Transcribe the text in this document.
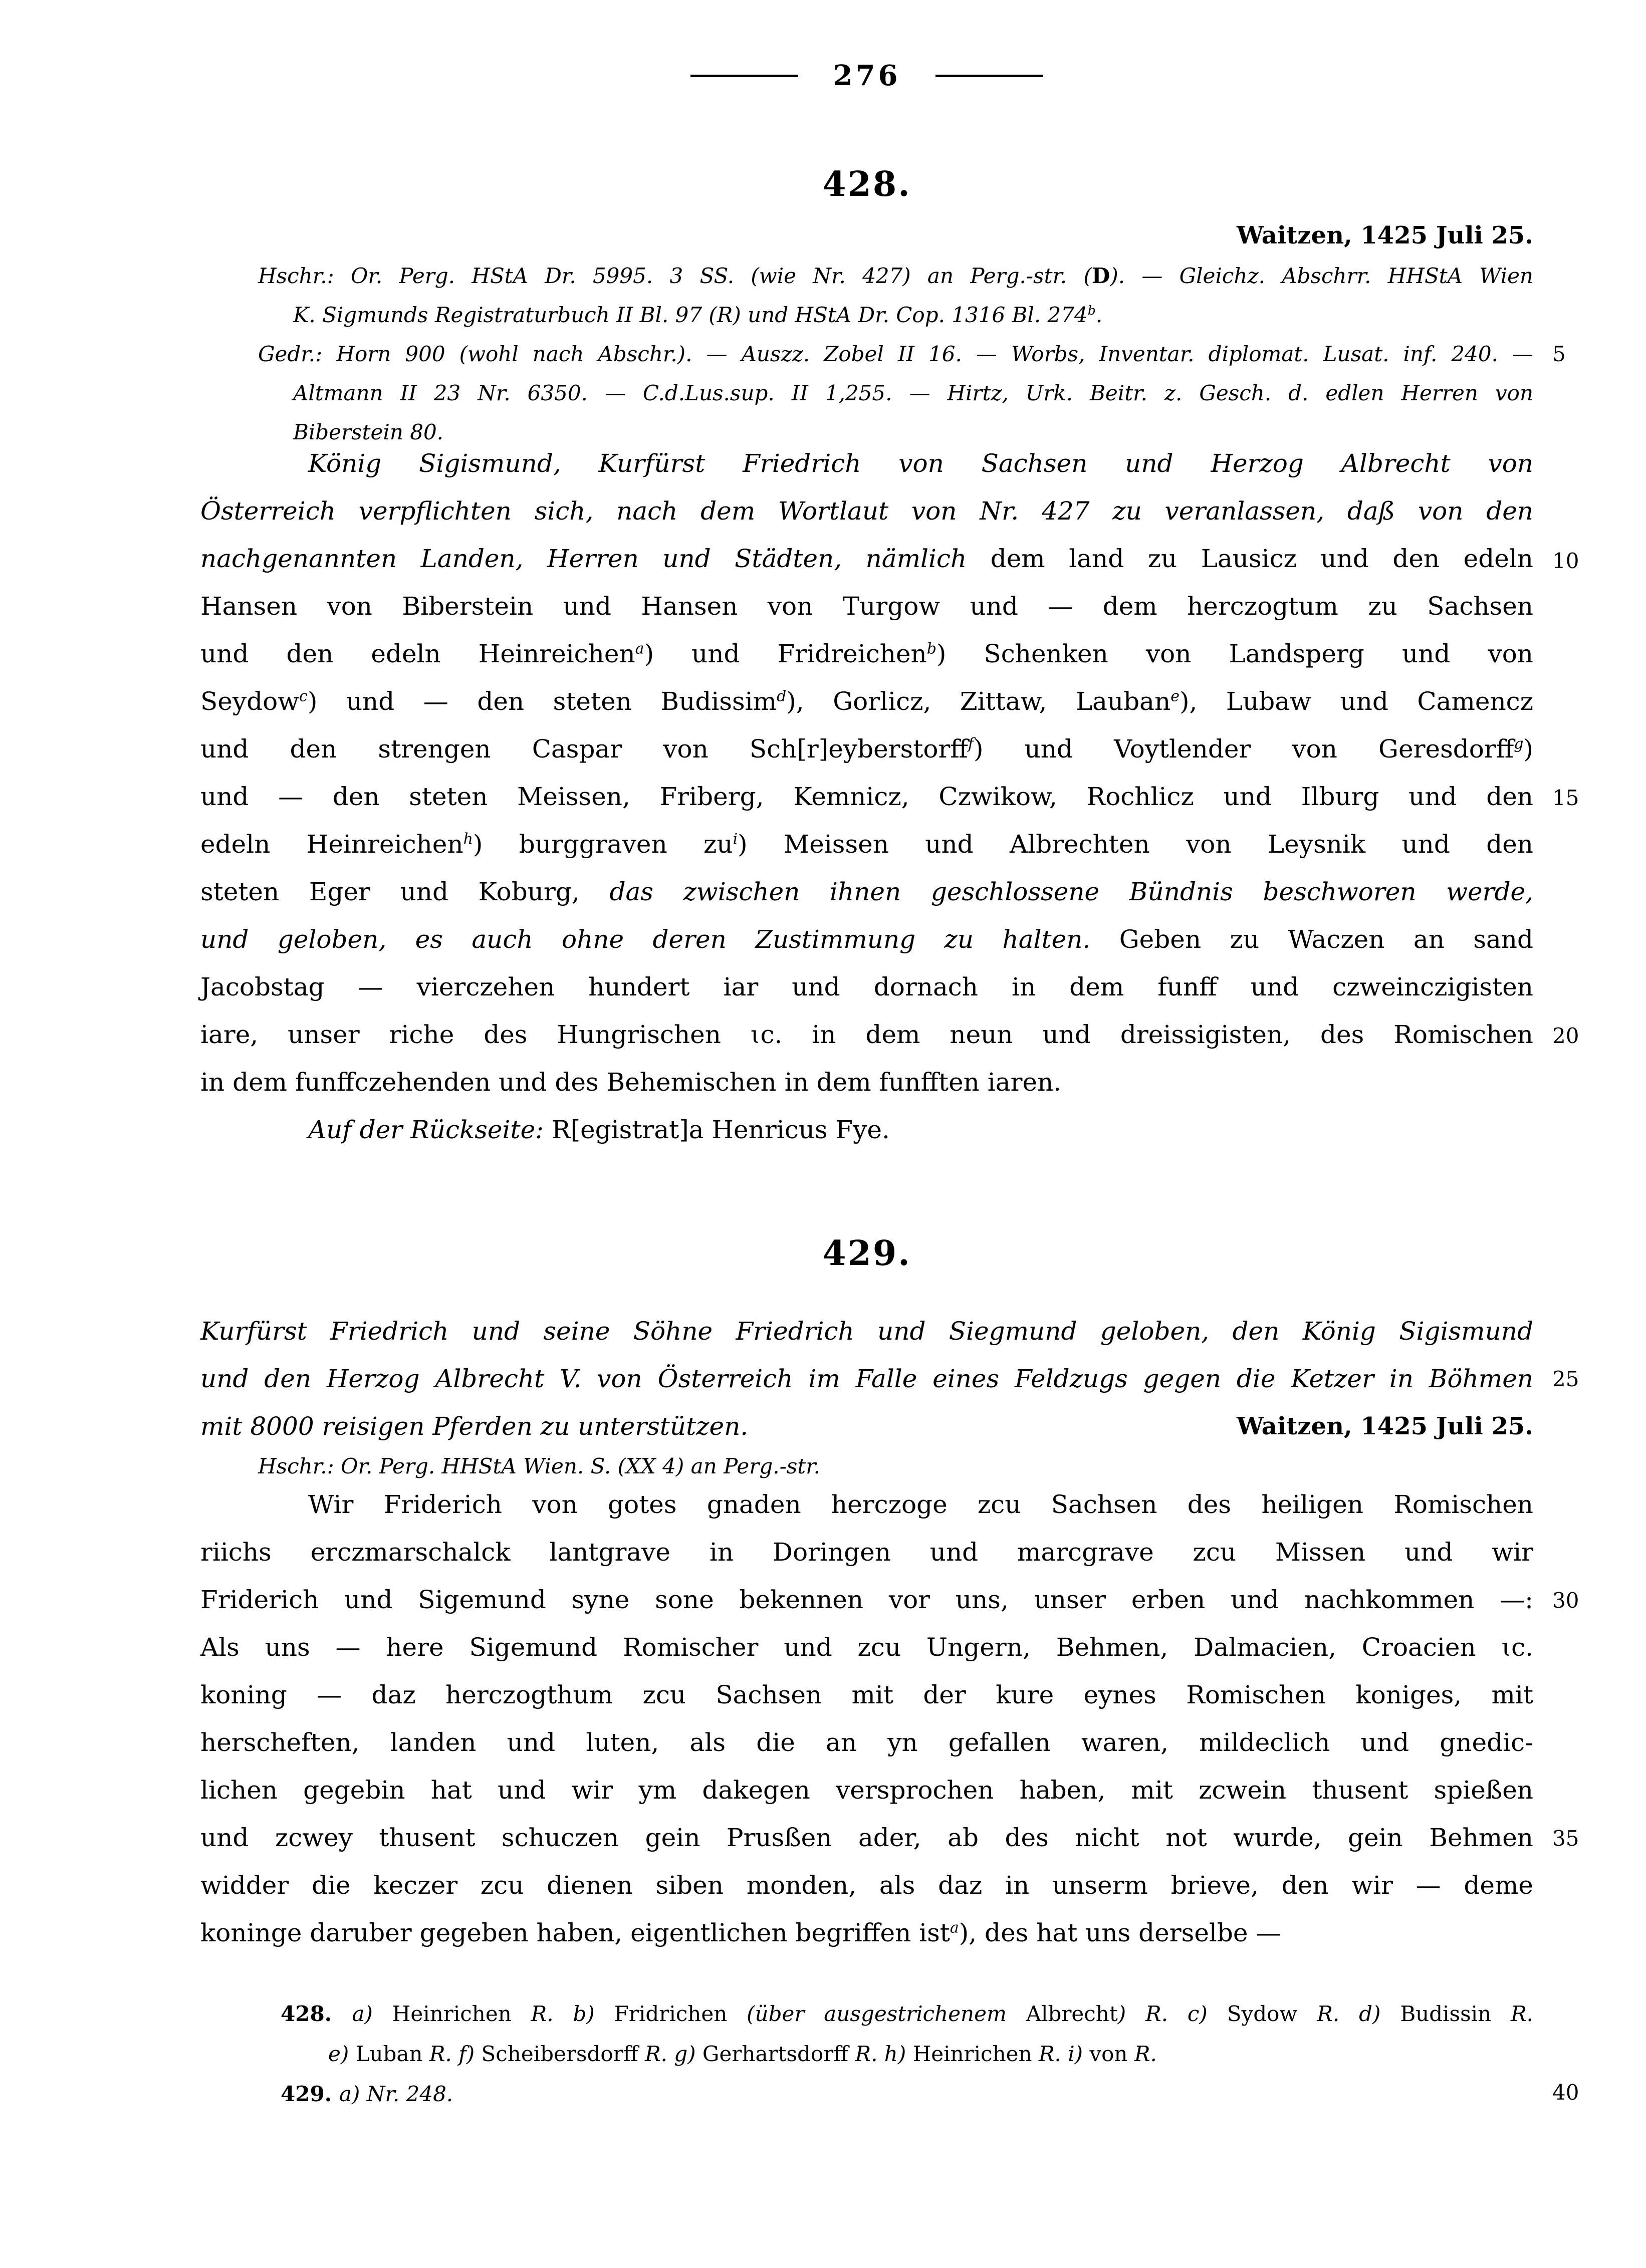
276
428.
Waitzen, 1425 Juli 25.
Hschr.: Or. Perg. HStA Dr. 5995. 3 SS. (wie Nr. 427) an Perg.-str. (D). — Gleichz. Abschrr. HHStA Wien
K. Sigmunds Registraturbuch II Bl. 97 (R) und HStA Dr. Cop. 1316 Bl. 274$^b$.
Gedr.: Horn 900 (wohl nach Abschr.). — Auszz. Zobel II 16. — Worbs, Inventar. diplomat. Lusat. inf. 240. —
Altmann II 23 Nr. 6350. — C.d.Lus.sup. II 1,255. — Hirtz, Urk. Beitr. z. Gesch. d. edlen Herren von
Biberstein 80.
König Sigismund, Kurfürst Friedrich von Sachsen und Herzog Albrecht von
Österreich verpflichten sich, nach dem Wortlaut von Nr. 427 zu veranlassen, daß von den
nachgenannten Landen, Herren und Städten, nämlich dem land zu Lausicz und den edeln
Hansen von Biberstein und Hansen von Turgow und — dem herczogtum zu Sachsen
und den edeln Heinreichen$^a$) und Fridreichen$^b$) Schenken von Landsperg und von
Seydow$^c$) und — den steten Budissim$^d$), Gorlicz, Zittaw, Lauban$^e$), Lubaw und Camencz
und den strengen Caspar von Sch[r]eyberstorff$^f$) und Voytlender von Geresdorff$^g$)
und — den steten Meissen, Friberg, Kemnicz, Czwikow, Rochlicz und Ilburg und den
edeln Heinreichen$^h$) burggraven $zu^i$) Meissen und Albrechten von Leysnik und den
steten Eger und Koburg, das zwischen ihnen geschlossene Bündnis beschworen werde,
und geloben, es auch ohne deren Zustimmung zu halten. Geben zu Waczen an sand
Jacobstag — vierczehen hundert iar und dornach in dem funff und czweinczigisten
iare, unser riche des Hungrischen ɩc. in dem neun und dreissigisten, des Romischen
in dem funffczehenden und des Behemischen in dem funfften iaren.
Auf der Rückseite: R[egistrat]a Henricus Fye.
429.
Kurfürst Friedrich und seine Söhne Friedrich und Siegmund geloben, den König Sigismund
und den Herzog Albrecht V. von Österreich im Falle eines Feldzugs gegen die Ketzer in Böhmen
Waitzen, 1425 Juli 25.
mit 8000 reisigen Pferden zu unterstützen.
Hschr.: Or. Perg. HHStA Wien. S. (XX 4) an Perg.-str.
Wir Friderich von gotes gnaden herczoge zcu Sachsen des heiligen Romischen
riichs erczmarschalck lantgrave in Doringen und marcgrave zcu Missen und wir
Friderich und Sigemund syne sone bekennen vor uns, unser erben und nachkommen —:
Als uns — here Sigemund Romischer und zcu Ungern, Behmen, Dalmacien, Croacien ɩc.
koning — daz herczogthum zcu Sachsen mit der kure eynes Romischen koniges, mit
herscheften, landen und luten, als die an yn gefallen waren, mildeclich und gnedic-
lichen gegebin hat und wir ym dakegen versprochen haben, mit zcwein thusent spießen
und zcwey thusent schuczen gein Prusßen ader, ab des nicht not wurde, gein Behmen
widder die keczer zcu dienen siben monden, als daz in unserm brieve, den wir — deme
koninge daruber gegeben haben, eigentlichen begriffen ist$^a$), des hat uns derselbe —
428. a) Heinrichen R. b) Fridrichen (über ausgestrichenem Albrecht) R. c) Sydow R. d) Budissin R.
e) Luban R. f) Scheibersdorff R. g) Gerhartsdorff R. h) Heinrichen R. i) von R.
429. a) Nr. 248.
5
10
15
20
25
30
35
40
